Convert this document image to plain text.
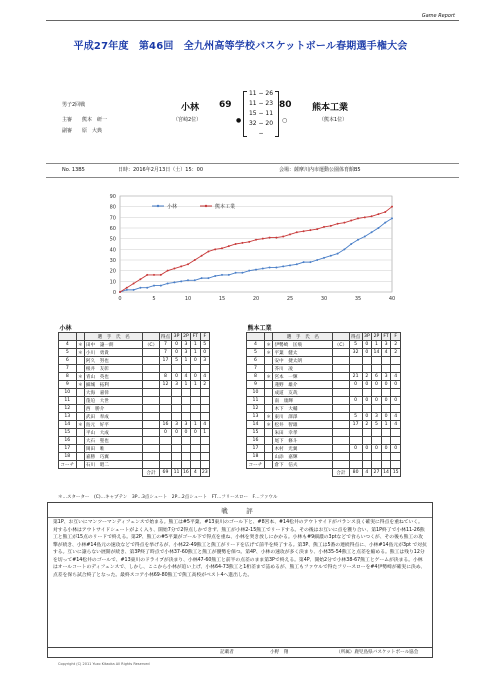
Game Report
平成27年度　第46回　全九州高等学校バスケットボール春期選手権大会
男子2回戦
主審 熊本　研一
副審 原　大典
小林 69
（宮崎2位）	●
11 − 26
11 − 23
15 − 11
32 − 20
−
80 熊本工業
（熊本1位）
○
No. 13B5	日時：2016年2月13日（土）15：00	会場：薩摩川内市運動公園体育館B5
0
10
20
30
40
50
60
70
80
90
0	5	10	15	20	25	30	35	40
小林	熊本工業
小林								
		選　手　氏　名		得点	3P	2P	FT	F
4	＊	田中　譲一朗	（C）	7	0	3	1	5
5	＊	小川　勇貴		7	0	3	1	0
6		阿久　努也		17	5	1	0	3
7		根井　友彰						
8	＊	青山　英也		8	0	4	0	4
9	＊	細城　拓利		12	3	1	1	2
10		大海　嘉倖						
11		蓬迫　大世						
12		西　勝介						
13		武田　奉成						
14	＊	島元　好平		16	3	3	1	4
15		平山　大成		0	0	0	0	1
16		大石　聖也						
17		岡田　唯						
18		嘉勝　巧翼						
コーチ		石川　昭二						
			合計	69	11	16	4	23
熊本工業								
		選　手　氏　名		得点	3P	2P	FT	F
4	＊	伊勢崎　匡飛	（C）	5	0	1	3	2
5	＊	平葉　健太		32	0	14	4	2
6		安中　捷太朗						
7		芥川　凌						
8	＊	宮本　一輝		21	2	6	3	4
9		蓮野　雄介		0	0	0	0	0
10		成道　友哉						
11		南　康輝		0	0	0	0	0
12		木下　大輔						
13	＊	東川　澤澤		5	0	3	0	4
14	＊	松井　智雄		17	2	5	1	4
15		朱田　幸孝						
16		尾下　修斗						
17		木村　光翼		0	0	0	0	0
18		山添　嘉輝						
コーチ		倉下　信夫						
			合計	80	4	27	14	15
＊…スターター　(C)…キャプテン　3P…3点シュート　2P…2点シュート　FT…フリースロー　F…ファウル
戦　評
第1P、お互いにマンツーマンディフェンスで始まる。熊工は#5平葉、#13東川のゴール下と、#8宮本、#14松井のアウトサイドがバランス良く確実に得点を重ねていく。対する小林はアウトサイドシュートがよく入り、開始7分で2得点しかできず、熊工が小林2-15熊工でリードする。その後はお互いに点を獲り合い、第1P終了で小林11-26熊工と熊工が15点のリードで終える。第2P、熊工の#5平葉がゴール下で得点を重ね、小林を突き放しにかかる。小林も#9細濃の3ptなどで食らいつくが、その後も熊工の攻撃が続き、小林#14島元の速攻などで得点を挙げるが、小林22-49熊工と熊工がリードを広げて前半を終了する。第3P、熊工は5番の連続得点に、小林#14島元が3pt で対抗する。互いに譲らない展開が続き、第3P終了時点で小林37-60熊工と熊工が優勢を保つ。第4P、小林の速攻が多く決まり、小林35-54熊工と点差を縮める。熊工は残り12分を切って#14松井のゴールで、#13東川のドライブが決まり、小林47-60熊工と前半の点差のまま第3Pで終える。第4P、開始2分で小林38-67熊工とゲームが決まる。小林はオールコートのディフェンスで、しかし、ここから小林が追い上げ、小林64-73熊工と1桁差まで詰めるが、熊工もファウルで得たフリースローを#4伊勢崎が確実に決め、点差を保ち試合終了となった。最終スコア小林69-80熊工で熊工高校がベスト4へ進出した。
記載者	小野　翔	（所属）鹿児島県バスケットボール協会
Copyright (C) 2011 Yuzo Kitaoka All Rights Reserved
